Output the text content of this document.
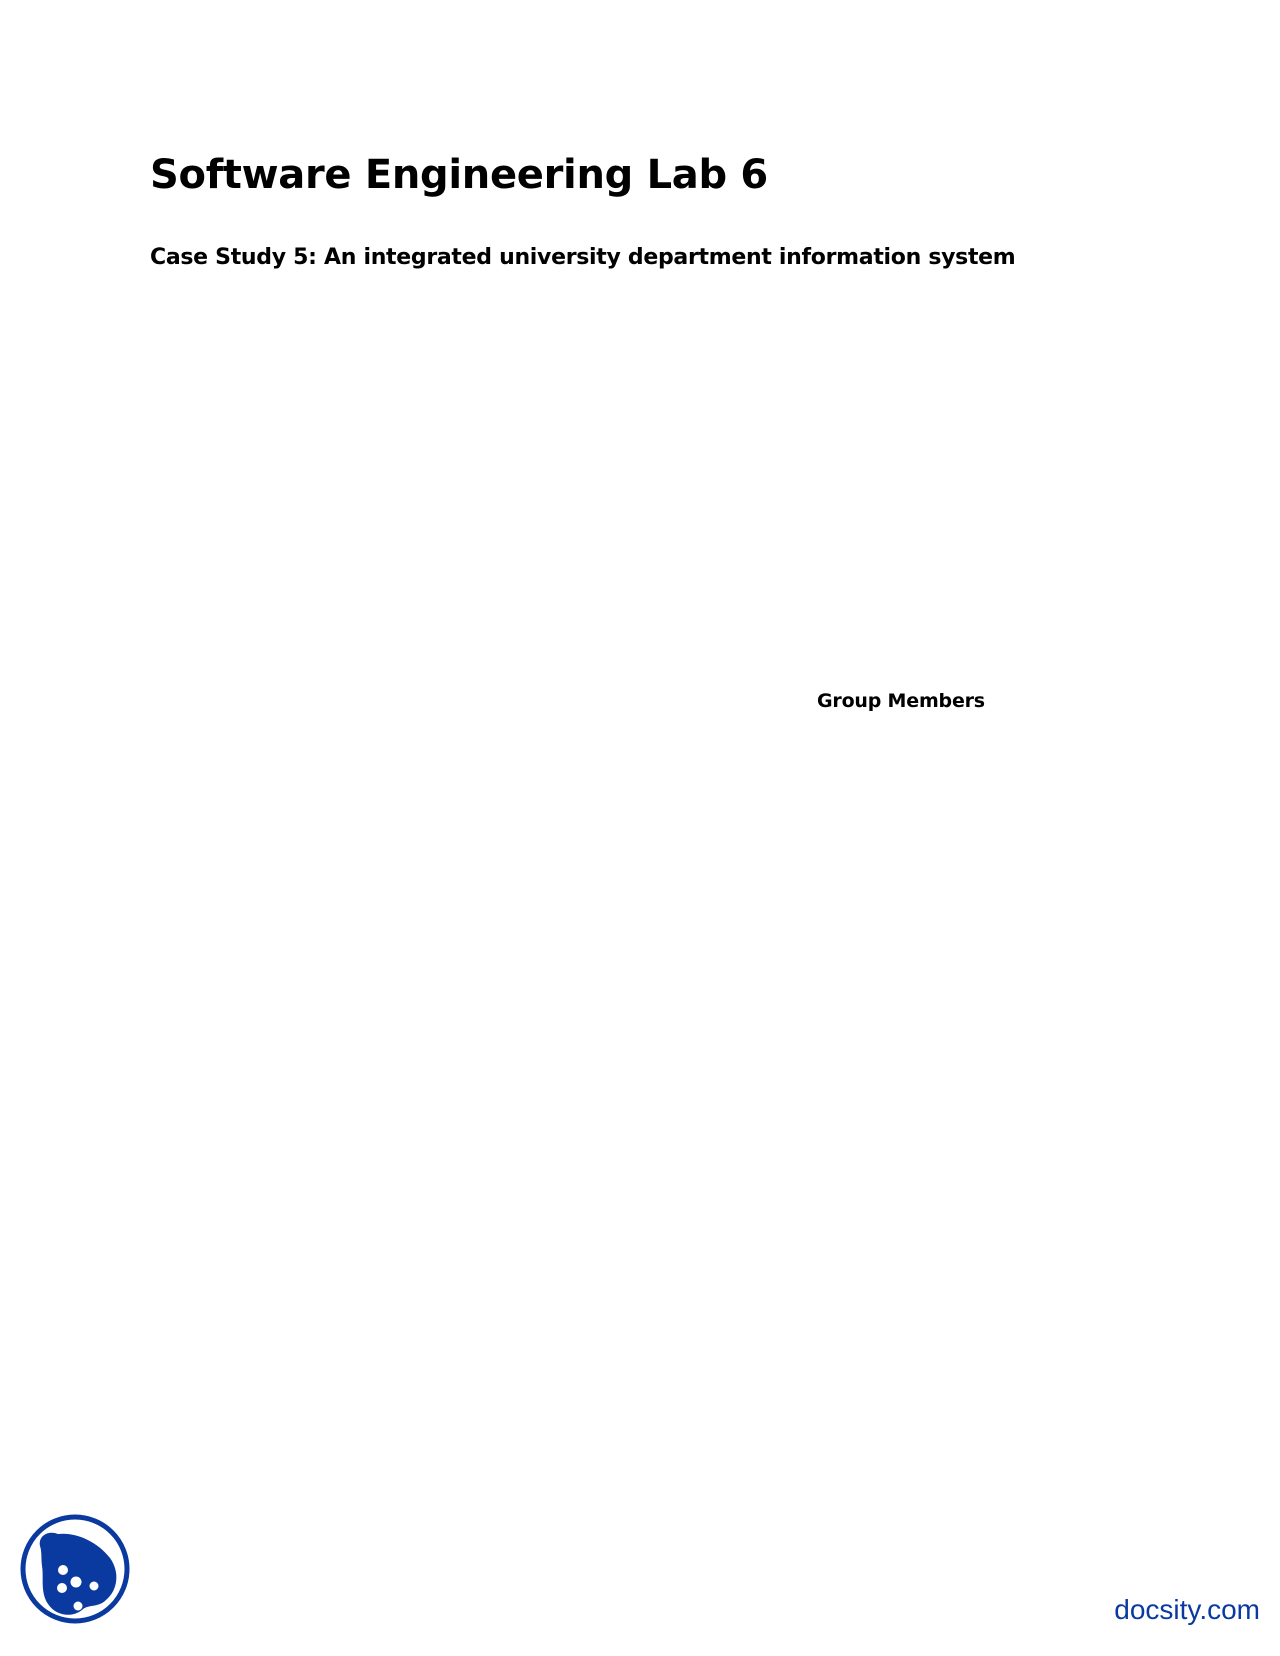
Software Engineering Lab 6
Case Study 5: An integrated university department information system
Group Members
docsity.com
